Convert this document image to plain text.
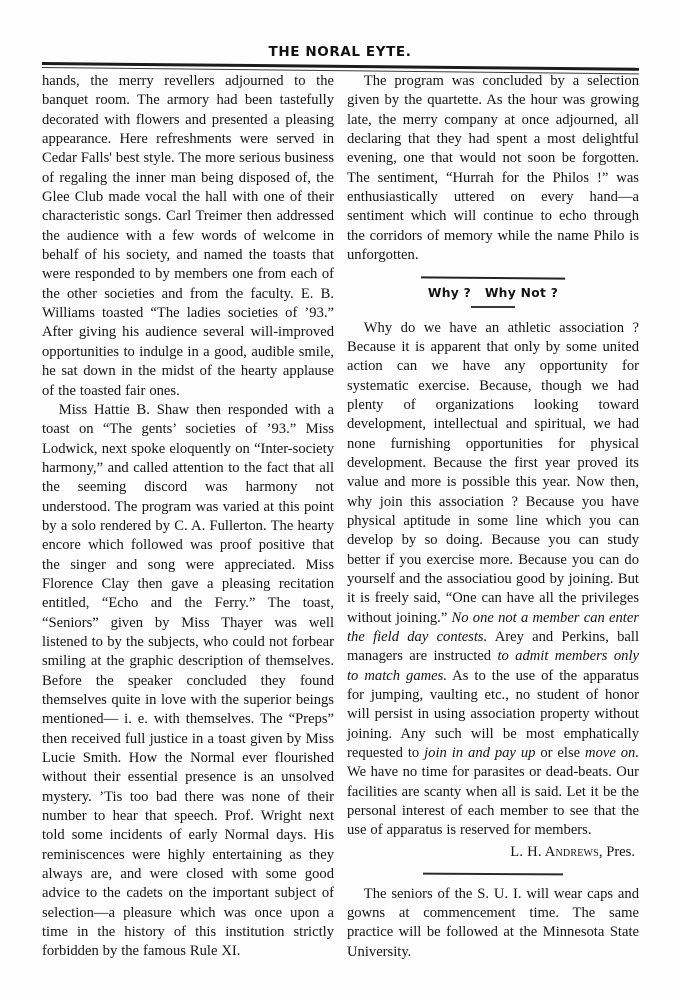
THE NORAL EYTE.

hands, the merry revellers adjourned to the banquet room. The armory had been tastefully decorated with flowers and presented a pleasing appearance. Here refreshments were served in Cedar Falls' best style. The more serious business of regaling the inner man being disposed of, the Glee Club made vocal the hall with one of their characteristic songs. Carl Treimer then addressed the audience with a few words of welcome in behalf of his society, and named the toasts that were responded to by members one from each of the other societies and from the faculty. E. B. Williams toasted “The ladies societies of ’93.” After giving his audience several will-improved opportunities to indulge in a good, audible smile, he sat down in the midst of the hearty applause of the toasted fair ones.

Miss Hattie B. Shaw then responded with a toast on “The gents’ societies of ’93.” Miss Lodwick, next spoke eloquently on “Inter-society harmony,” and called attention to the fact that all the seeming discord was harmony not understood. The program was varied at this point by a solo rendered by C. A. Fullerton. The hearty encore which followed was proof positive that the singer and song were appreciated. Miss Florence Clay then gave a pleasing recitation entitled, “Echo and the Ferry.” The toast, “Seniors” given by Miss Thayer was well listened to by the subjects, who could not forbear smiling at the graphic description of themselves. Before the speaker concluded they found themselves quite in love with the superior beings mentioned— i. e. with themselves. The “Preps” then received full justice in a toast given by Miss Lucie Smith. How the Normal ever flourished without their essential presence is an unsolved mystery. ’Tis too bad there was none of their number to hear that speech. Prof. Wright next told some incidents of early Normal days. His reminiscences were highly entertaining as they always are, and were closed with some good advice to the cadets on the important subject of selection—a pleasure which was once upon a time in the history of this institution strictly forbidden by the famous Rule XI.

The program was concluded by a selection given by the quartette. As the hour was growing late, the merry company at once adjourned, all declaring that they had spent a most delightful evening, one that would not soon be forgotten. The sentiment, “Hurrah for the Philos !” was enthusiastically uttered on every hand—a sentiment which will continue to echo through the corridors of memory while the name Philo is unforgotten.

Why ?   Why Not ?

Why do we have an athletic association ? Because it is apparent that only by some united action can we have any opportunity for systematic exercise. Because, though we had plenty of organizations looking toward development, intellectual and spiritual, we had none furnishing opportunities for physical development. Because the first year proved its value and more is possible this year. Now then, why join this association ? Because you have physical aptitude in some line which you can develop by so doing. Because you can study better if you exercise more. Because you can do yourself and the associatiou good by joining. But it is freely said, “One can have all the privileges without joining.” No one not a member can enter the field day contests. Arey and Perkins, ball managers are instructed to admit members only to match games. As to the use of the apparatus for jumping, vaulting etc., no student of honor will persist in using association property without joining. Any such will be most emphatically requested to join in and pay up or else move on. We have no time for parasites or dead-beats. Our facilities are scanty when all is said. Let it be the personal interest of each member to see that the use of apparatus is reserved for members.

L. H. Andrews, Pres.

The seniors of the S. U. I. will wear caps and gowns at commencement time. The same practice will be followed at the Minnesota State University.
